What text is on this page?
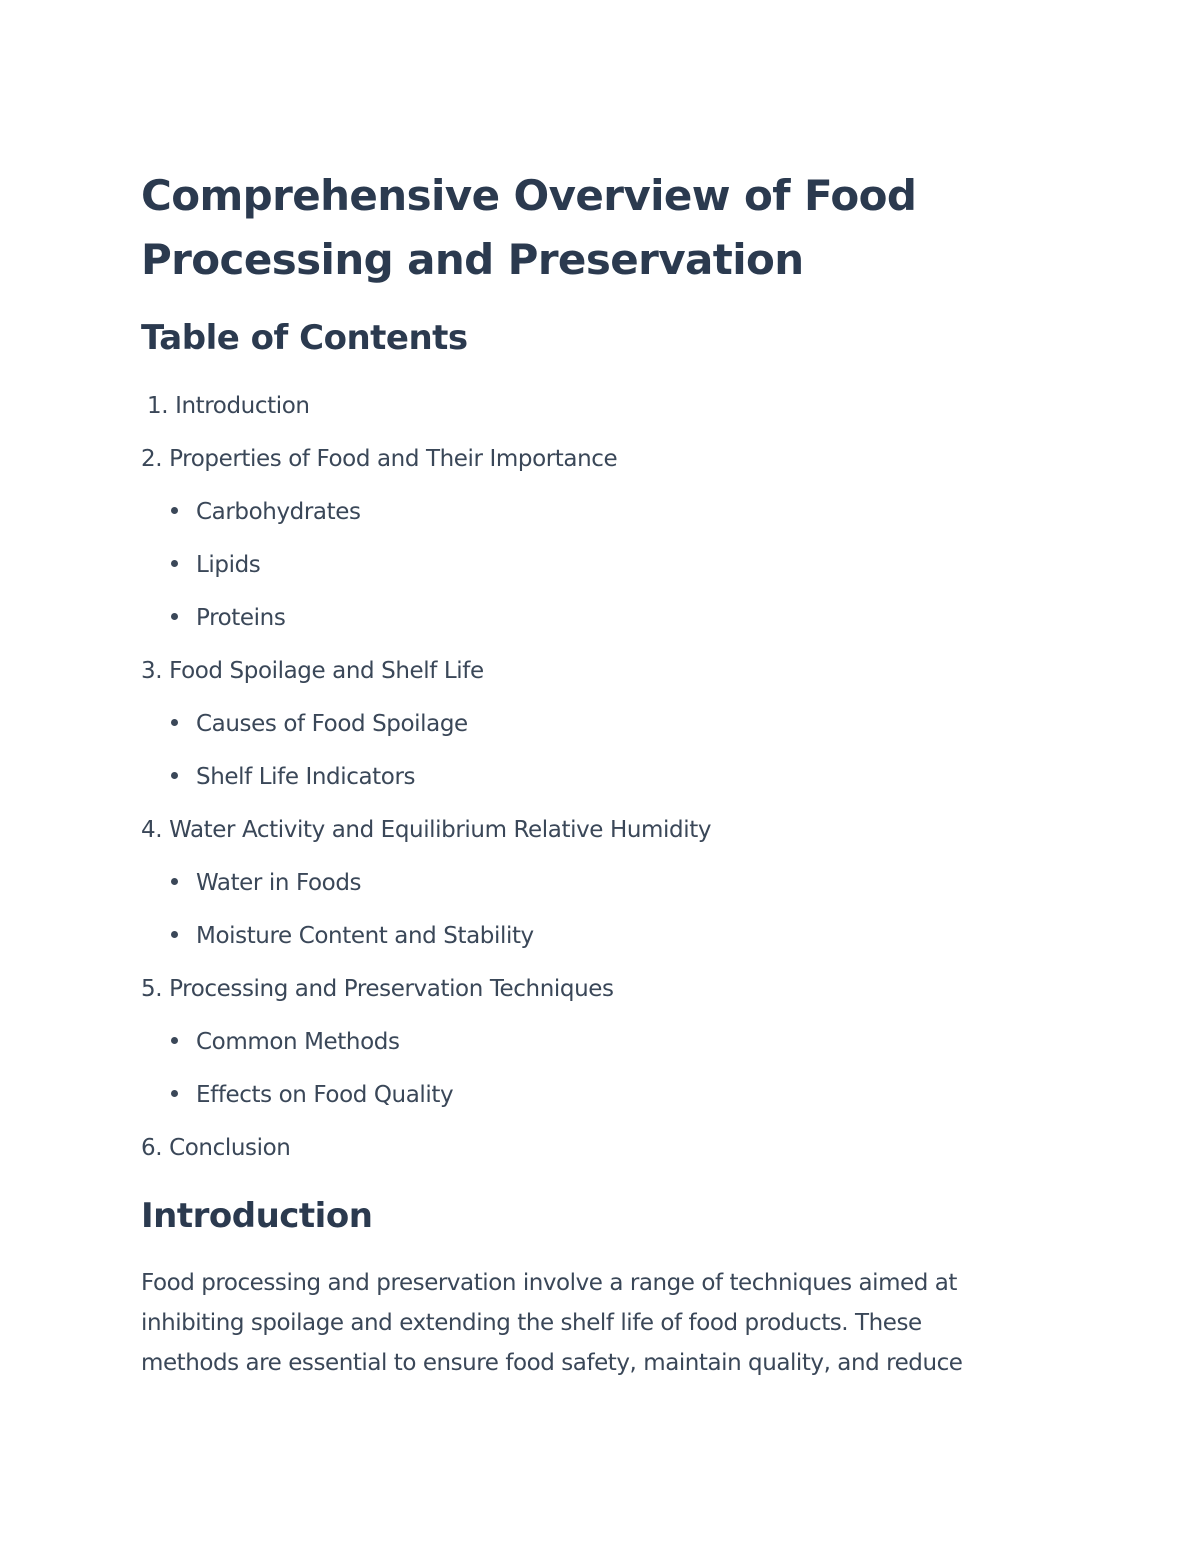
Comprehensive Overview of Food
Processing and Preservation
Table of Contents
1. Introduction
2. Properties of Food and Their Importance
Carbohydrates
Lipids
Proteins
3. Food Spoilage and Shelf Life
Causes of Food Spoilage
Shelf Life Indicators
4. Water Activity and Equilibrium Relative Humidity
Water in Foods
Moisture Content and Stability
5. Processing and Preservation Techniques
Common Methods
Effects on Food Quality
6. Conclusion
Introduction

Food processing and preservation involve a range of techniques aimed at
inhibiting spoilage and extending the shelf life of food products. These
methods are essential to ensure food safety, maintain quality, and reduce
